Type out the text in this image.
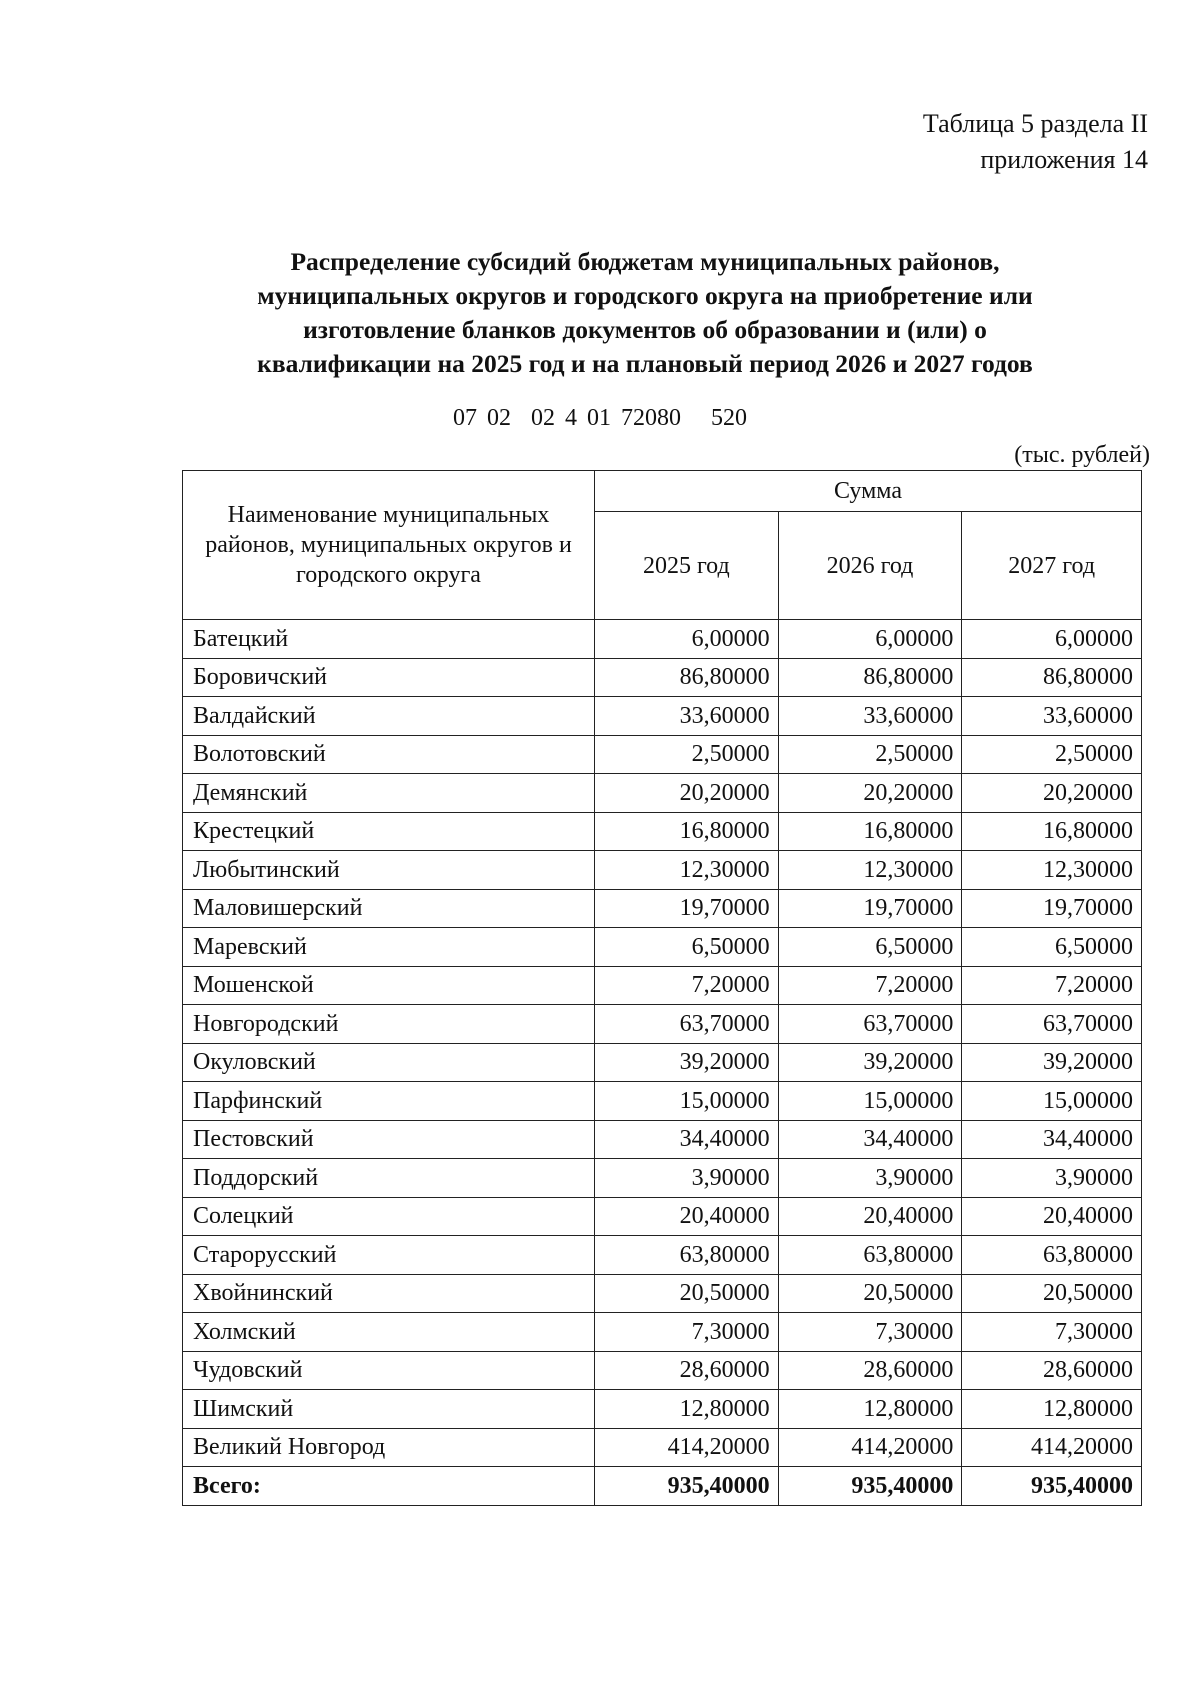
Таблица 5 раздела II
приложения 14
Распределение субсидий бюджетам муниципальных районов,
муниципальных округов и городского округа на приобретение или
изготовление бланков документов об образовании и (или) о
квалификации на 2025 год и на плановый период 2026 и 2027 годов
07 02  02 4 01 72080   520
(тыс. рублей)
Наименование муниципальных районов, муниципальных округов и городского округа	Сумма		
	2025 год	2026 год	2027 год
Батецкий	6,00000	6,00000	6,00000
Боровичский	86,80000	86,80000	86,80000
Валдайский	33,60000	33,60000	33,60000
Волотовский	2,50000	2,50000	2,50000
Демянский	20,20000	20,20000	20,20000
Крестецкий	16,80000	16,80000	16,80000
Любытинский	12,30000	12,30000	12,30000
Маловишерский	19,70000	19,70000	19,70000
Маревский	6,50000	6,50000	6,50000
Мошенской	7,20000	7,20000	7,20000
Новгородский	63,70000	63,70000	63,70000
Окуловский	39,20000	39,20000	39,20000
Парфинский	15,00000	15,00000	15,00000
Пестовский	34,40000	34,40000	34,40000
Поддорский	3,90000	3,90000	3,90000
Солецкий	20,40000	20,40000	20,40000
Старорусский	63,80000	63,80000	63,80000
Хвойнинский	20,50000	20,50000	20,50000
Холмский	7,30000	7,30000	7,30000
Чудовский	28,60000	28,60000	28,60000
Шимский	12,80000	12,80000	12,80000
Великий Новгород	414,20000	414,20000	414,20000
Всего:	935,40000	935,40000	935,40000
